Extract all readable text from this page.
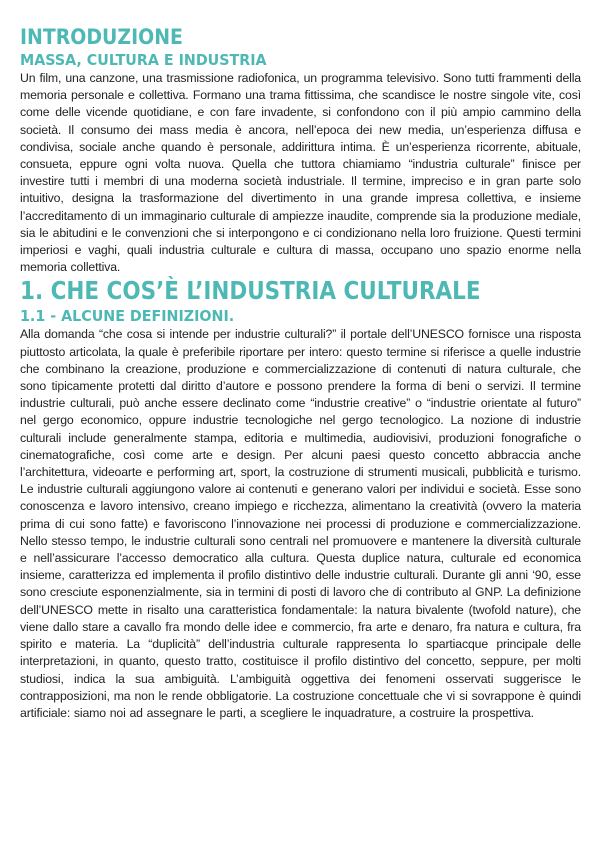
INTRODUZIONE
MASSA, CULTURA E INDUSTRIA

Un film, una canzone, una trasmissione radiofonica, un programma televisivo. Sono tutti frammenti della memoria personale e collettiva. Formano una trama fittissima, che scandisce le nostre singole vite, così come delle vicende quotidiane, e con fare invadente, si confondono con il più ampio cammino della società. Il consumo dei mass media è ancora, nell’epoca dei new media, un’esperienza diffusa e condivisa, sociale anche quando è personale, addirittura intima. È un’esperienza ricorrente, abituale, consueta, eppure ogni volta nuova. Quella che tuttora chiamiamo “industria culturale” finisce per investire tutti i membri di una moderna società industriale. Il termine, impreciso e in gran parte solo intuitivo, designa la trasformazione del divertimento in una grande impresa collettiva, e insieme l’accreditamento di un immaginario culturale di ampiezze inaudite, comprende sia la produzione mediale, sia le abitudini e le convenzioni che si interpongono e ci condizionano nella loro fruizione. Questi termini imperiosi e vaghi, quali industria culturale e cultura di massa, occupano uno spazio enorme nella memoria collettiva.

1. CHE COS’È L’INDUSTRIA CULTURALE
1.1 - ALCUNE DEFINIZIONI.

Alla domanda “che cosa si intende per industrie culturali?” il portale dell’UNESCO fornisce una risposta piuttosto articolata, la quale è preferibile riportare per intero: questo termine si riferisce a quelle industrie che combinano la creazione, produzione e commercializzazione di contenuti di natura culturale, che sono tipicamente protetti dal diritto d’autore e possono prendere la forma di beni o servizi. Il termine industrie culturali, può anche essere declinato come “industrie creative” o “industrie orientate al futuro” nel gergo economico, oppure industrie tecnologiche nel gergo tecnologico. La nozione di industrie culturali include generalmente stampa, editoria e multimedia, audiovisivi, produzioni fonografiche o cinematografiche, così come arte e design. Per alcuni paesi questo concetto abbraccia anche l’architettura, videoarte e performing art, sport, la costruzione di strumenti musicali, pubblicità e turismo. Le industrie culturali aggiungono valore ai contenuti e generano valori per individui e società. Esse sono conoscenza e lavoro intensivo, creano impiego e ricchezza, alimentano la creatività (ovvero la materia prima di cui sono fatte) e favoriscono l’innovazione nei processi di produzione e commercializzazione. Nello stesso tempo, le industrie culturali sono centrali nel promuovere e mantenere la diversità culturale e nell’assicurare l’accesso democratico alla cultura. Questa duplice natura, culturale ed economica insieme, caratterizza ed implementa il profilo distintivo delle industrie culturali. Durante gli anni ‘90, esse sono cresciute esponenzialmente, sia in termini di posti di lavoro che di contributo al GNP. La definizione dell’UNESCO mette in risalto una caratteristica fondamentale: la natura bivalente (twofold nature), che viene dallo stare a cavallo fra mondo delle idee e commercio, fra arte e denaro, fra natura e cultura, fra spirito e materia. La “duplicità” dell’industria culturale rappresenta lo spartiacque principale delle interpretazioni, in quanto, questo tratto, costituisce il profilo distintivo del concetto, seppure, per molti studiosi, indica la sua ambiguità. L’ambiguità oggettiva dei fenomeni osservati suggerisce le contrapposizioni, ma non le rende obbligatorie. La costruzione concettuale che vi si sovrappone è quindi artificiale: siamo noi ad assegnare le parti, a scegliere le inquadrature, a costruire la prospettiva.
